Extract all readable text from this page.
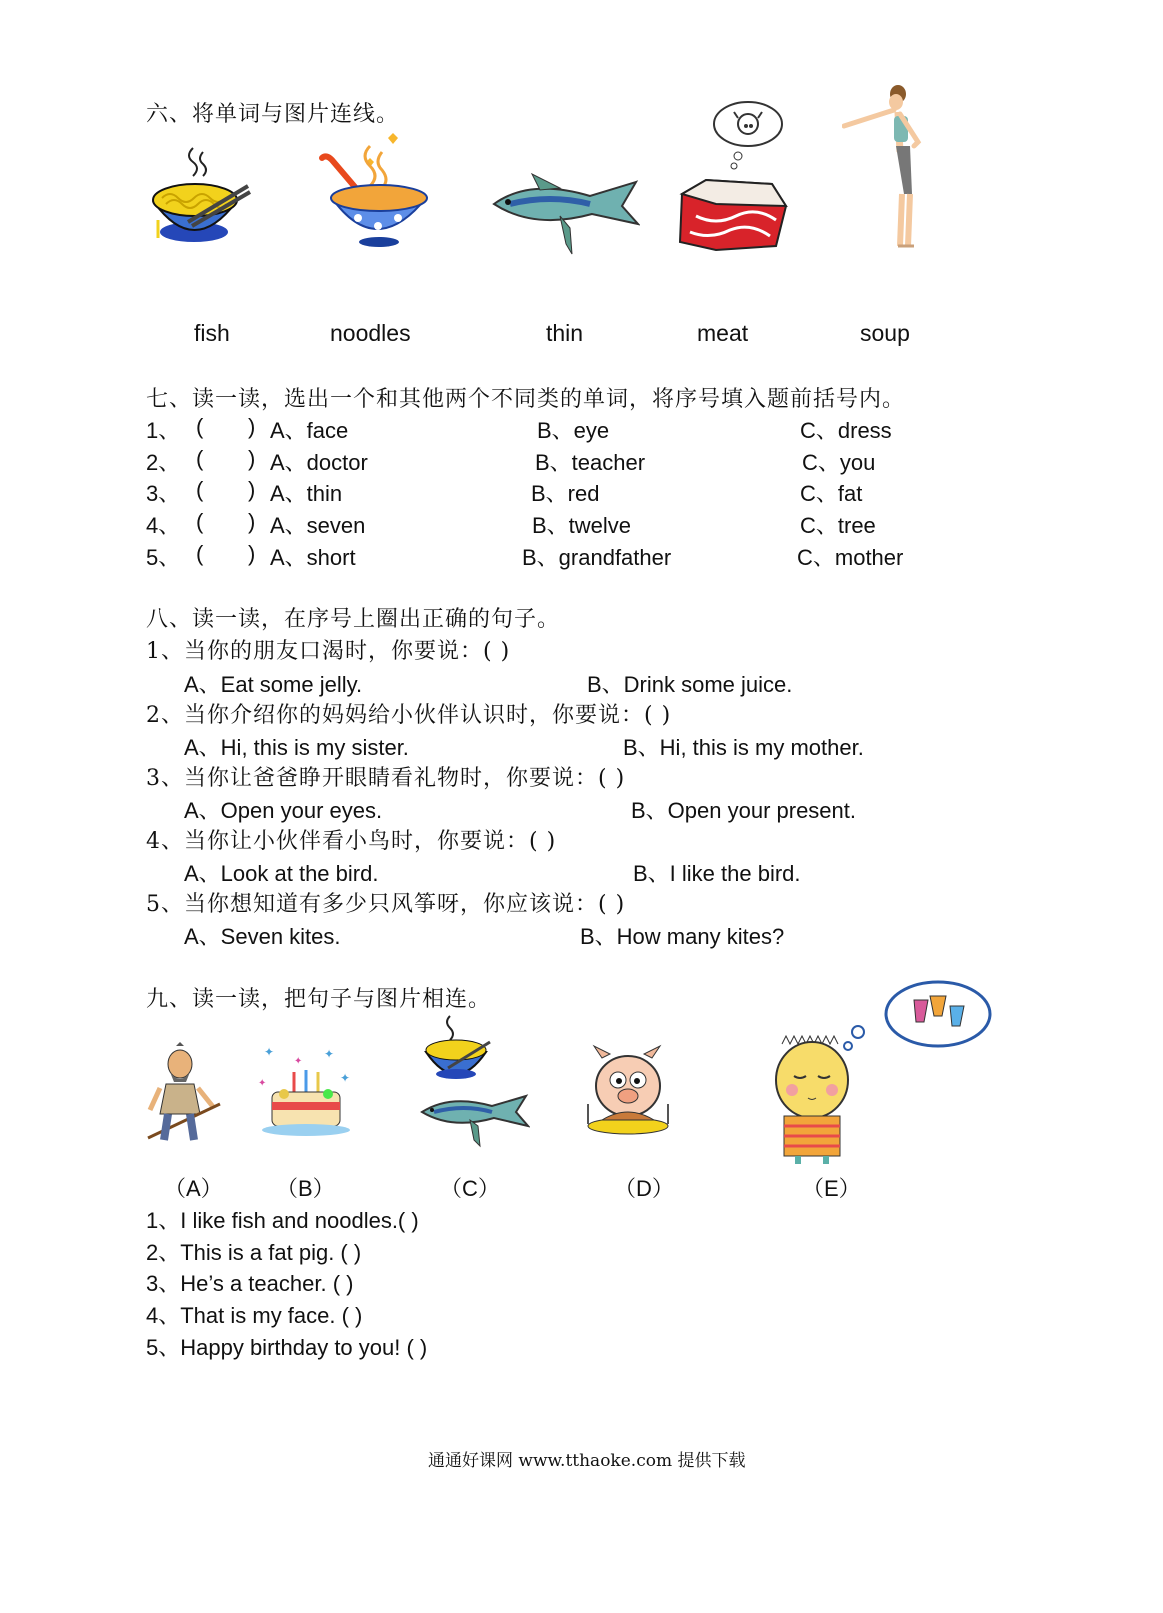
六、将单词与图片连线。
fish	noodles	thin	meat	soup
七、读一读，选出一个和其他两个不同类的单词，将序号填入题前括号内。
1、 ( ) A、face	B、eye	C、dress
2、 ( ) A、doctor	B、teacher	C、you
3、 ( ) A、thin	B、red	C、fat
4、 ( ) A、seven	B、twelve	C、tree
5、 ( ) A、short	B、grandfather	C、mother
八、读一读，在序号上圈出正确的句子。
1、当你的朋友口渴时，你要说：( )
A、Eat some jelly.	B、Drink some juice.
2、当你介绍你的妈妈给小伙伴认识时，你要说：( )
A、Hi, this is my sister.	B、Hi, this is my mother.
3、当你让爸爸睁开眼睛看礼物时，你要说：( )
A、Open your eyes.	B、Open your present.
4、当你让小伙伴看小鸟时，你要说：( )
A、Look at the bird.	B、I like the bird.
5、当你想知道有多少只风筝呀，你应该说：( )
A、Seven kites.	B、How many kites?
九、读一读，把句子与图片相连。
✦	✦
✦
✦
✦
（A） （B）	（C）	（D）	（E）
1、I like fish and noodles.( )
2、This is a fat pig. ( )
3、He’s a teacher. ( )
4、That is my face. ( )
5、Happy birthday to you! ( )
通通好课网 www.tthaoke.com 提供下载
